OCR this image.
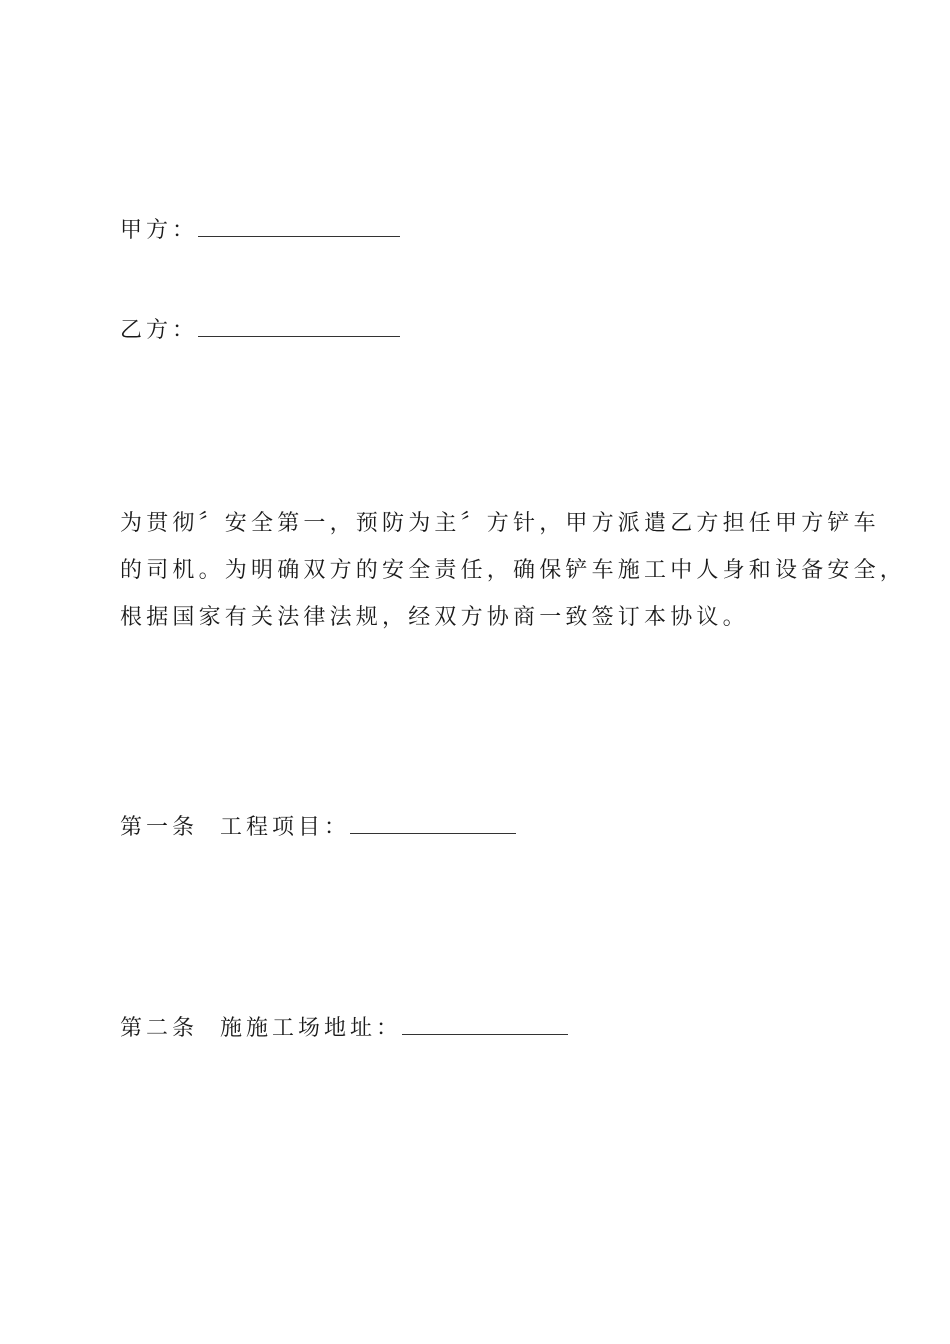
甲方：
乙方：
为贯彻〞安全第一，预防为主〞方针，甲方派遣乙方担任甲方铲车
的司机。为明确双方的安全责任，确保铲车施工中人身和设备安全，
根据国家有关法律法规，经双方协商一致签订本协议。
第一条 工程项目：
第二条 施施工场地址：
